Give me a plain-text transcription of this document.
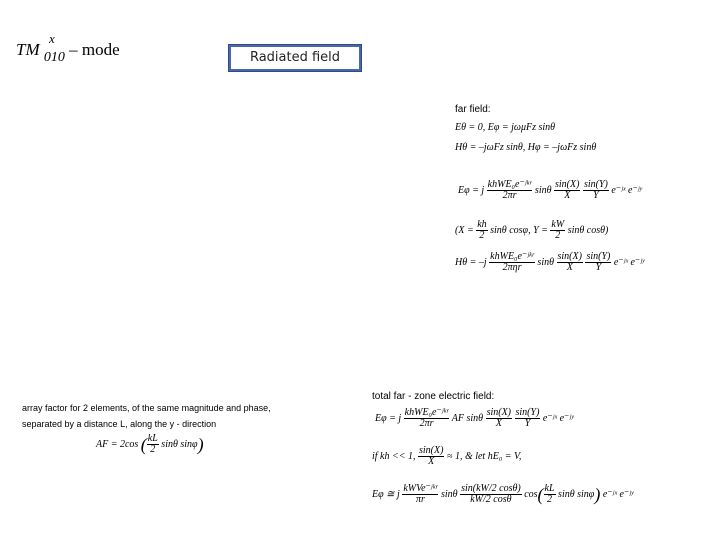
TM
x
$_{010}$ – mode	Radiated field
far field:
Eθ = 0, Eφ = jωμFz sinθ
Hθ = –jωFz sinθ, Hφ = –jωFz sinθ
Eφ = j $\frac{\text{khWE₀e⁻ʲᵏʳ}}{2\pi r}$ sinθ $\frac{\sin(X)}{X}$
$\frac{\sin(Y)}{Y}$ e⁻ʲˣ e⁻ʲʸ
($X = \frac{kh}{2}$ sinθ cosφ, $Y = \frac{kW}{2}$ sinθ cosθ)
$H\theta = -j \frac{\text{khWE₀e⁻ʲᵏʳ}}{\text{2πηr}}$ sinθ $\frac{\sin(X)}{X}$
$\frac{\sin(Y)}{Y}$ e⁻ʲˣ e⁻ʲʸ
array factor for 2 elements, of the same magnitude and phase,
separated by a distance L, along the y - direction
AF = 2cos ( $\frac{kL}{2}$ sinθ sinφ)
total far - zone electric field:
Eφ = j $\frac{\text{khWE₀e⁻ʲᵏʳ}}{2\pi r}$ AF sinθ $\frac{\sin(X)}{X}$
$\frac{\sin(Y)}{Y}$ e⁻ʲˣ e⁻ʲʸ
if kh << 1, $\frac{\sin(X)}{X} \approx 1$, & let hE₀ = V,
Eφ ≅ j $\frac{\text{kWVe⁻ʲᵏʳ}}{\pi r}$ sinθ $\frac{\sin(kW/2 \cos\theta)}{kW/2 \cos\theta} \cos( \frac{kL}{2}$ sinθ sinφ) e⁻ʲˣ e⁻ʲʸ
